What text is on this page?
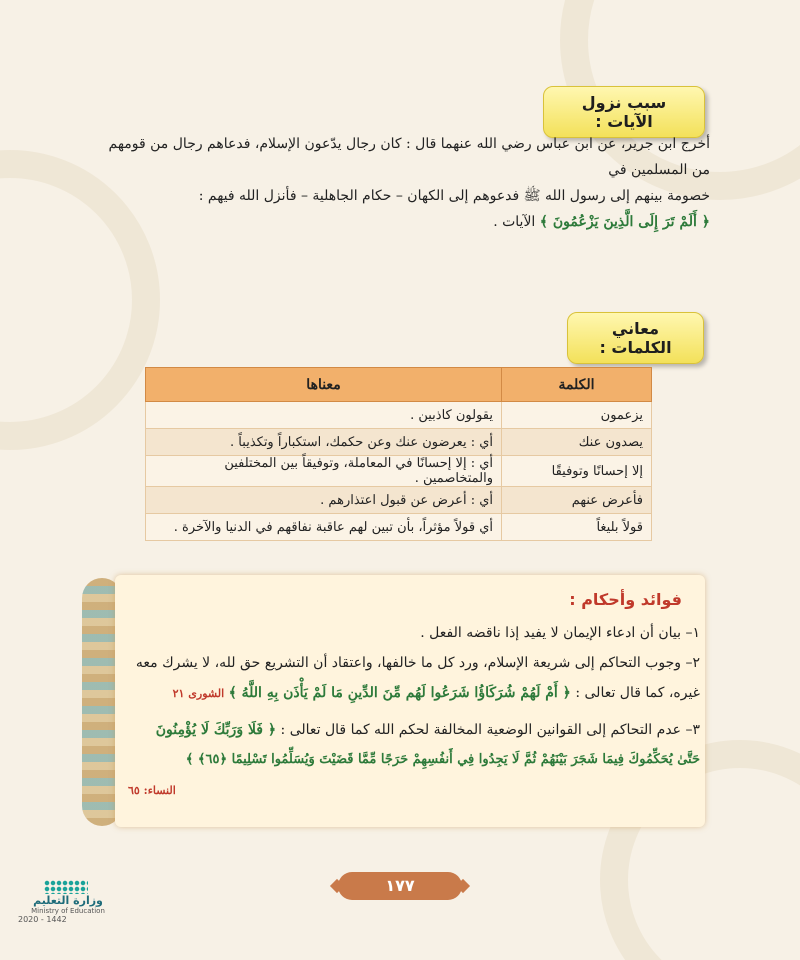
سبب نزول الآيات :
أخرج ابن جرير، عن ابن عباس رضي الله عنهما قال : كان رجال يدّعون الإسلام، فدعاهم رجال من قومهم من المسلمين في
خصومة بينهم إلى رسول الله ﷺ فدعوهم إلى الكهان – حكام الجاهلية – فأنزل الله فيهم :
﴿ أَلَمْ تَرَ إِلَى الَّذِينَ يَزْعُمُونَ ﴾ الآيات .
معاني الكلمات :
الكلمة	معناها
يزعمون	يقولون كاذبين .
يصدون عنك	أي : يعرضون عنك وعن حكمك، استكباراً وتكذيباً .
إلا إحسانًا وتوفيقًا	أي : إلا إحسانًا في المعاملة، وتوفيقاً بين المختلفين والمتخاصمين .
فأعرض عنهم	أي : أعرض عن قبول اعتذارهم .
قولاً بليغاً	أي قولاً مؤثراً، بأن تبين لهم عاقبة نفاقهم في الدنيا والآخرة .
فوائد وأحكام :
١– بيان أن ادعاء الإيمان لا يفيد إذا ناقضه الفعل .
٢– وجوب التحاكم إلى شريعة الإسلام، ورد كل ما خالفها، واعتقاد أن التشريع حق لله، لا يشرك معه
غيره، كما قال تعالى : ﴿ أَمْ لَهُمْ شُرَكَاؤُا شَرَعُوا لَهُم مِّنَ الدِّينِ مَا لَمْ يَأْذَن بِهِ اللَّهُ ﴾ الشورى ٢١
٣– عدم التحاكم إلى القوانين الوضعية المخالفة لحكم الله كما قال تعالى : ﴿ فَلَا وَرَبِّكَ لَا يُؤْمِنُونَ
حَتَّىٰ يُحَكِّمُوكَ فِيمَا شَجَرَ بَيْنَهُمْ ثُمَّ لَا يَجِدُوا فِي أَنفُسِهِمْ حَرَجًا مِّمَّا قَضَيْتَ وَيُسَلِّمُوا تَسْلِيمًا ﴿٦٥﴾ ﴾
النساء: ٦٥
١٧٧
وزارة التعليم
Ministry of Education
2020 - 1442
